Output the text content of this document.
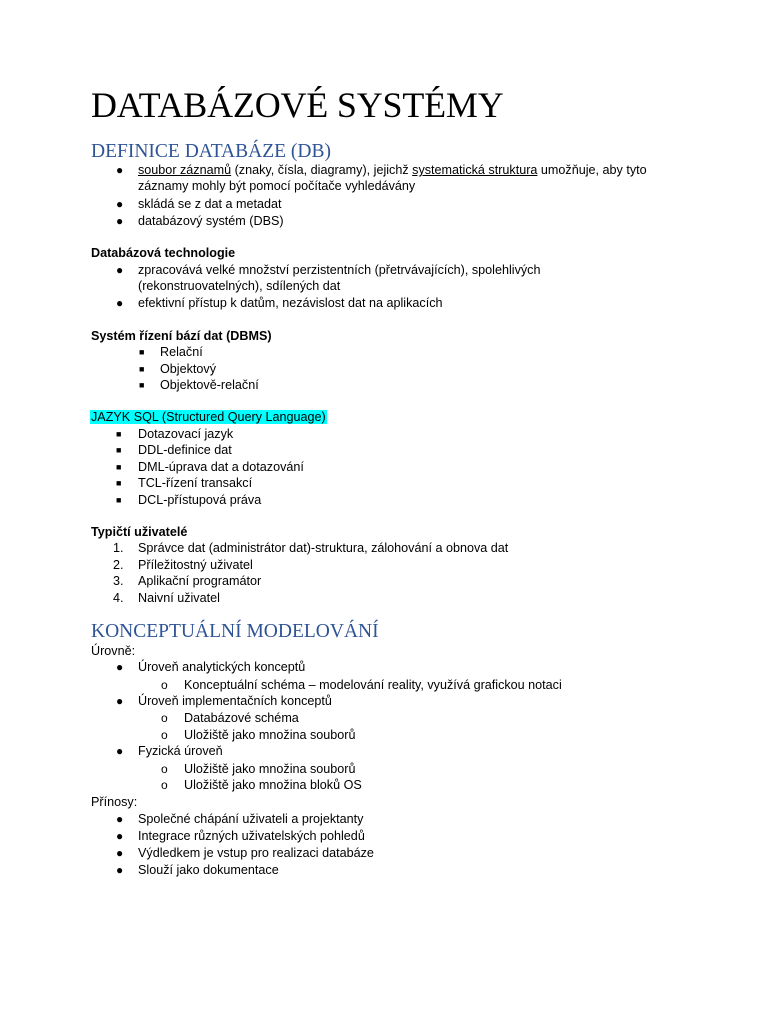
DATABÁZOVÉ SYSTÉMY
DEFINICE DATABÁZE (DB)
● soubor záznamů (znaky, čísla, diagramy), jejichž systematická struktura umožňuje, aby tyto
záznamy mohly být pomocí počítače vyhledávány
● skládá se z dat a metadat
● databázový systém (DBS)
Databázová technologie
● zpracovává velké množství perzistentních (přetrvávajících), spolehlivých
(rekonstruovatelných), sdílených dat
● efektivní přístup k datům, nezávislost dat na aplikacích
Systém řízení bází dat (DBMS)
■ Relační
■ Objektový
■ Objektově-relační
JAZYK SQL (Structured Query Language)
■ Dotazovací jazyk
■ DDL-definice dat
■ DML-úprava dat a dotazování
■ TCL-řízení transakcí
■ DCL-přístupová práva
Typičtí uživatelé
1. Správce dat (administrátor dat)-struktura, zálohování a obnova dat
2. Příležitostný uživatel
3. Aplikační programátor
4. Naivní uživatel
KONCEPTUÁLNÍ MODELOVÁNÍ
Úrovně:
● Úroveň analytických konceptů
o Konceptuální schéma – modelování reality, využívá grafickou notaci
● Úroveň implementačních konceptů
o Databázové schéma
o Uložiště jako množina souborů
● Fyzická úroveň
o Uložiště jako množina souborů
o Uložiště jako množina bloků OS
Přínosy:
● Společné chápání uživateli a projektanty
● Integrace různých uživatelských pohledů
● Výdledkem je vstup pro realizaci databáze
● Slouží jako dokumentace
